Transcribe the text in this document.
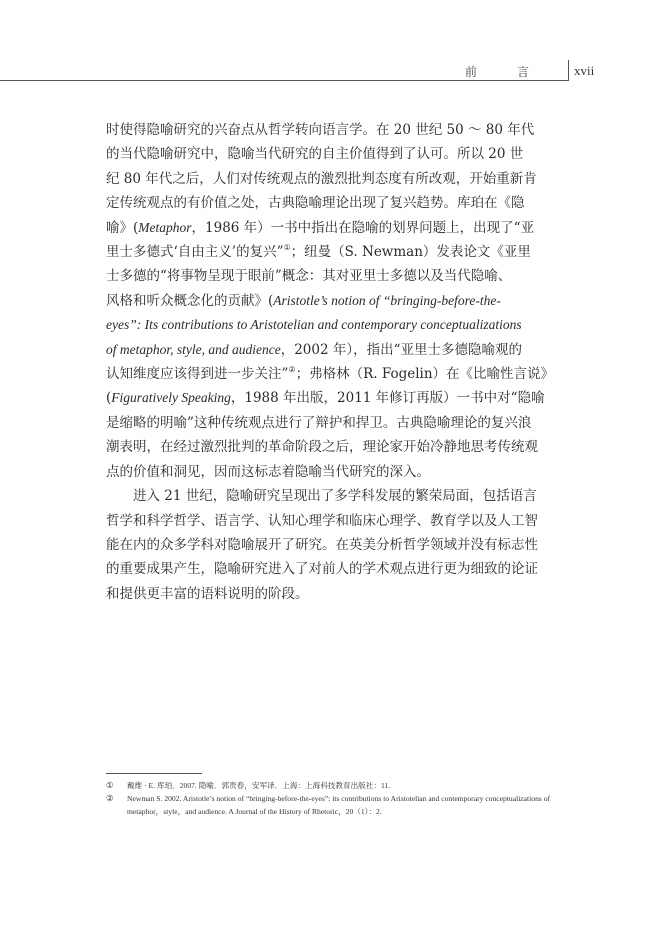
前　言 xvii
时使得隐喻研究的兴奋点从哲学转向语言学。在 20 世纪 50 ～ 80 年代
的当代隐喻研究中，隐喻当代研究的自主价值得到了认可。所以 20 世
纪 80 年代之后，人们对传统观点的激烈批判态度有所改观，开始重新肯
定传统观点的有价值之处，古典隐喻理论出现了复兴趋势。库珀在《隐
喻》(Metaphor，1986 年）一书中指出在隐喻的划界问题上，出现了“亚
里士多德式‘自由主义’的复兴”①；纽曼（S. Newman）发表论文《亚里
士多德的“将事物呈现于眼前”概念：其对亚里士多德以及当代隐喻、
风格和听众概念化的贡献》(Aristotle’s notion of “bringing-before-the-
eyes”: Its contributions to Aristotelian and contemporary conceptualizations
of metaphor, style, and audience，2002 年），指出“亚里士多德隐喻观的
认知维度应该得到进一步关注”②；弗格林（R. Fogelin）在《比喻性言说》
(Figuratively Speaking，1988 年出版，2011 年修订再版）一书中对“隐喻
是缩略的明喻”这种传统观点进行了辩护和捍卫。古典隐喻理论的复兴浪
潮表明，在经过激烈批判的革命阶段之后，理论家开始冷静地思考传统观
点的价值和洞见，因而这标志着隐喻当代研究的深入。
进入 21 世纪，隐喻研究呈现出了多学科发展的繁荣局面，包括语言
哲学和科学哲学、语言学、认知心理学和临床心理学、教育学以及人工智
能在内的众多学科对隐喻展开了研究。在英美分析哲学领域并没有标志性
的重要成果产生，隐喻研究进入了对前人的学术观点进行更为细致的论证
和提供更丰富的语料说明的阶段。
① 戴维 · E. 库珀．2007. 隐喻．郭贵春，安军译．上海：上海科技教育出版社：11.
② Newman S. 2002. Aristotle’s notion of “bringing-before-the-eyes”: its contributions to Aristotelian and contemporary conceptualizations of metaphor，style，and audience. A Journal of the History of Rhetoric，20（1）：2.
